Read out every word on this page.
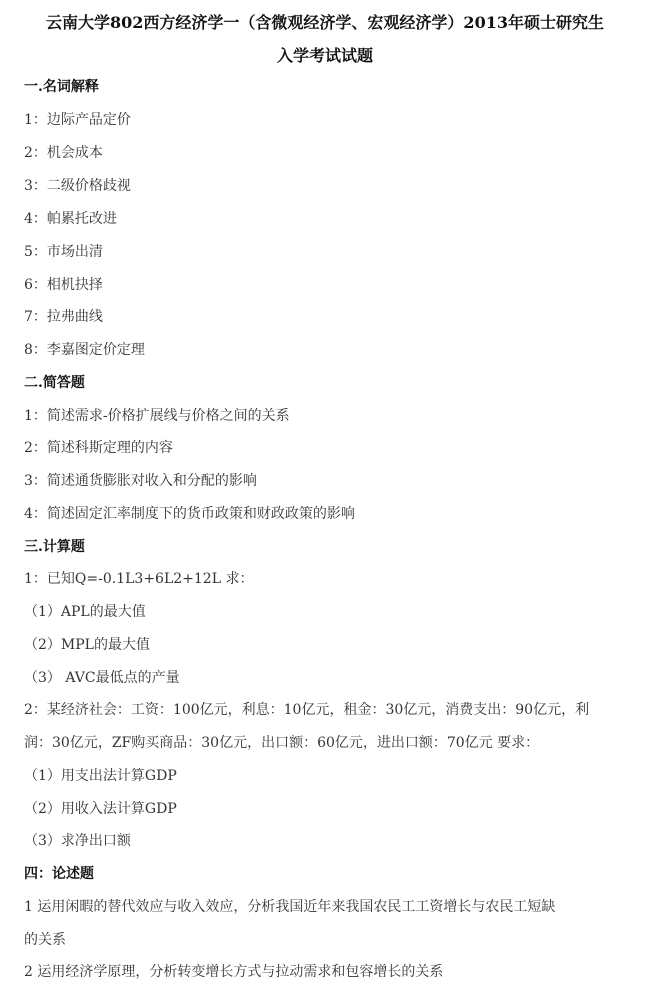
云南大学802西方经济学一（含微观经济学、宏观经济学）2013年硕士研究生
入学考试试题
一.名词解释
1：边际产品定价
2：机会成本
3：二级价格歧视
4：帕累托改进
5：市场出清
6：相机抉择
7：拉弗曲线
8：李嘉图定价定理
二.简答题
1：简述需求-价格扩展线与价格之间的关系
2：简述科斯定理的内容
3：简述通货膨胀对收入和分配的影响
4：简述固定汇率制度下的货币政策和财政政策的影响
三.计算题
1：已知Q=-0.1L3+6L2+12L 求：
（1）APL的最大值
（2）MPL的最大值
（3） AVC最低点的产量
2：某经济社会：工资：100亿元，利息：10亿元，租金：30亿元，消费支出：90亿元，利
润：30亿元，ZF购买商品：30亿元，出口额：60亿元，进出口额：70亿元 要求：
（1）用支出法计算GDP
（2）用收入法计算GDP
（3）求净出口额
四：论述题
1 运用闲暇的替代效应与收入效应，分析我国近年来我国农民工工资增长与农民工短缺
的关系
2 运用经济学原理，分析转变增长方式与拉动需求和包容增长的关系
